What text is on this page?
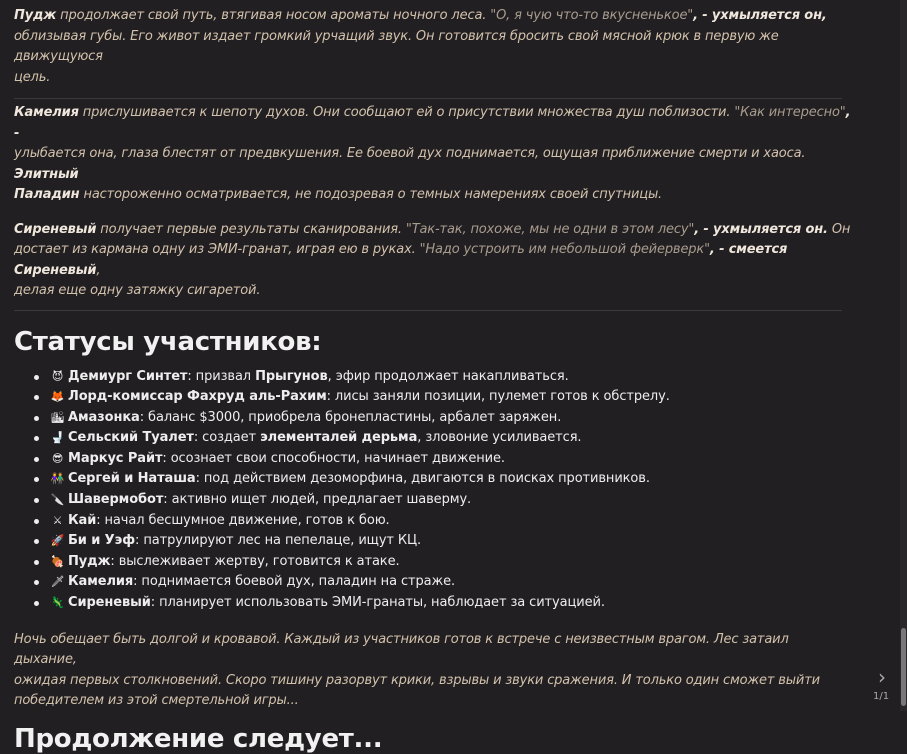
Пудж продолжает свой путь, втягивая носом ароматы ночного леса. "О, я чую что-то вкусненькое", - ухмыляется он,
облизывая губы. Его живот издает громкий урчащий звук. Он готовится бросить свой мясной крюк в первую же движущуюся
цель.

Камелия прислушивается к шепоту духов. Они сообщают ей о присутствии множества душ поблизости. "Как интересно", -
улыбается она, глаза блестят от предвкушения. Ее боевой дух поднимается, ощущая приближение смерти и хаоса. Элитный
Паладин настороженно осматривается, не подозревая о темных намерениях своей спутницы.

Сиреневый получает первые результаты сканирования. "Так-так, похоже, мы не одни в этом лесу", - ухмыляется он. Он
достает из кармана одну из ЭМИ-гранат, играя ею в руках. "Надо устроить им небольшой фейерверк", - смеется Сиреневый,
делая еще одну затяжку сигаретой.

Статусы участников:
😈 Демиург Синтет: призвал Прыгунов, эфир продолжает накапливаться.
🦊 Лорд-комиссар Фахруд аль-Рахим: лисы заняли позиции, пулемет готов к обстрелу.
🏙 Амазонка: баланс $3000, приобрела бронепластины, арбалет заряжен.
🚽 Сельский Туалет: создает элементалей дерьма, зловоние усиливается.
😎 Маркус Райт: осознает свои способности, начинает движение.
👫 Сергей и Наташа: под действием дезоморфина, двигаются в поисках противников.
🔪 Шавермобот: активно ищет людей, предлагает шаверму.
⚔ Кай: начал бесшумное движение, готов к бою.
🚀 Би и Уэф: патрулируют лес на пепелаце, ищут КЦ.
🍖 Пудж: выслеживает жертву, готовится к атаке.
🗡 Камелия: поднимается боевой дух, паладин на страже.
🦎 Сиреневый: планирует использовать ЭМИ-гранаты, наблюдает за ситуацией.

Ночь обещает быть долгой и кровавой. Каждый из участников готов к встрече с неизвестным врагом. Лес затаил дыхание,
ожидая первых столкновений. Скоро тишину разорвут крики, взрывы и звуки сражения. И только один сможет выйти
победителем из этой смертельной игры...

Продолжение следует...
›
1/1
